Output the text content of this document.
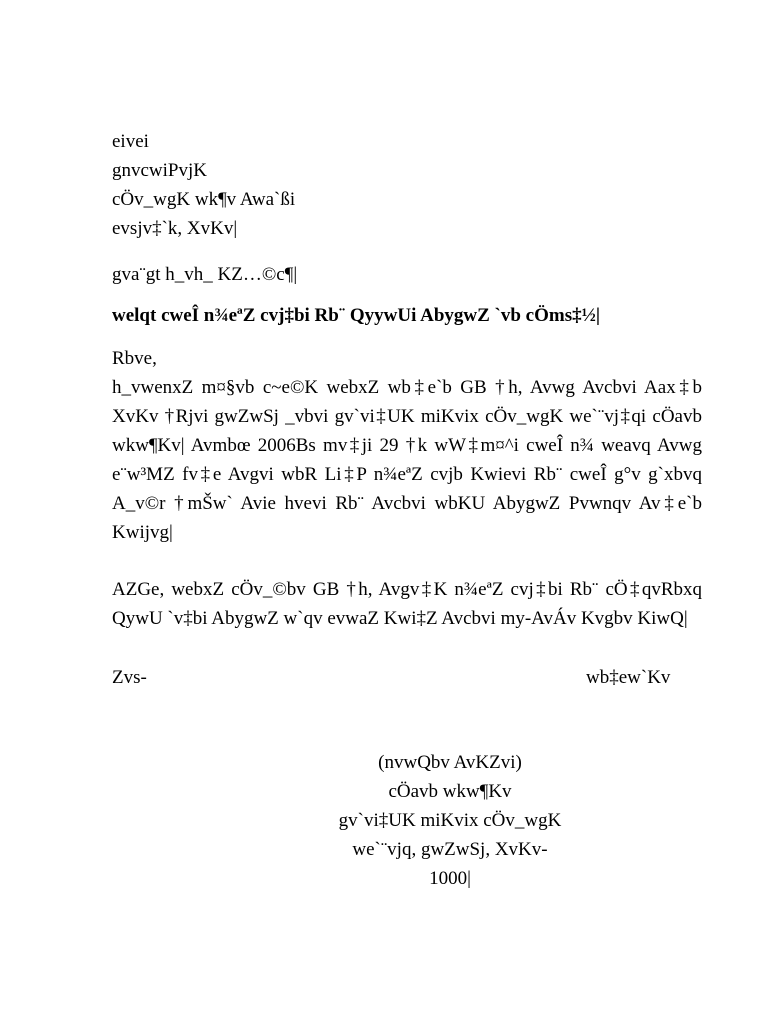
eivei
gnvcwiPvjK
cÖv_wgK wk¶v Awa`ßi
evsjv‡`k, XvKv|
gva¨gt h_vh_ KZ…©c¶|
welqt cweÎ n¾eªZ cvj‡bi Rb¨ QyywUi AbygwZ `vb cÖms‡½|
Rbve,
h_vwenxZ m¤§vb c~e©K webxZ wb‡e`b GB †h, Avwg Avcbvi Aax‡b XvKv †Rjvi gwZwSj _vbvi gv`vi‡UK miKvix cÖv_wgK we`¨vj‡qi cÖavb wkw¶Kv| Avmbœ 2006Bs mv‡ji 29 †k wW‡m¤^i cweÎ n¾ weavq Avwg e¨w³MZ fv‡e Avgvi wbR Li‡P n¾eªZ cvjb Kwievi Rb¨ cweÎ g°v g`xbvq A_v©r †mŠw` Avie hvevi Rb¨ Avcbvi wbKU AbygwZ Pvwnqv Av‡e`b Kwijvg|
AZGe, webxZ cÖv_©bv GB †h, Avgv‡K n¾eªZ cvj‡bi Rb¨ cÖ‡qvRbxq QywU `v‡bi AbygwZ w`qv evwaZ Kwi‡Z Avcbvi my-AvÁv Kvgbv KiwQ|
Zvs-	wb‡ew`Kv
(nvwQbv AvKZvi)
cÖavb wkw¶Kv
gv`vi‡UK miKvix cÖv_wgK
we`¨vjq, gwZwSj, XvKv-
1000|
